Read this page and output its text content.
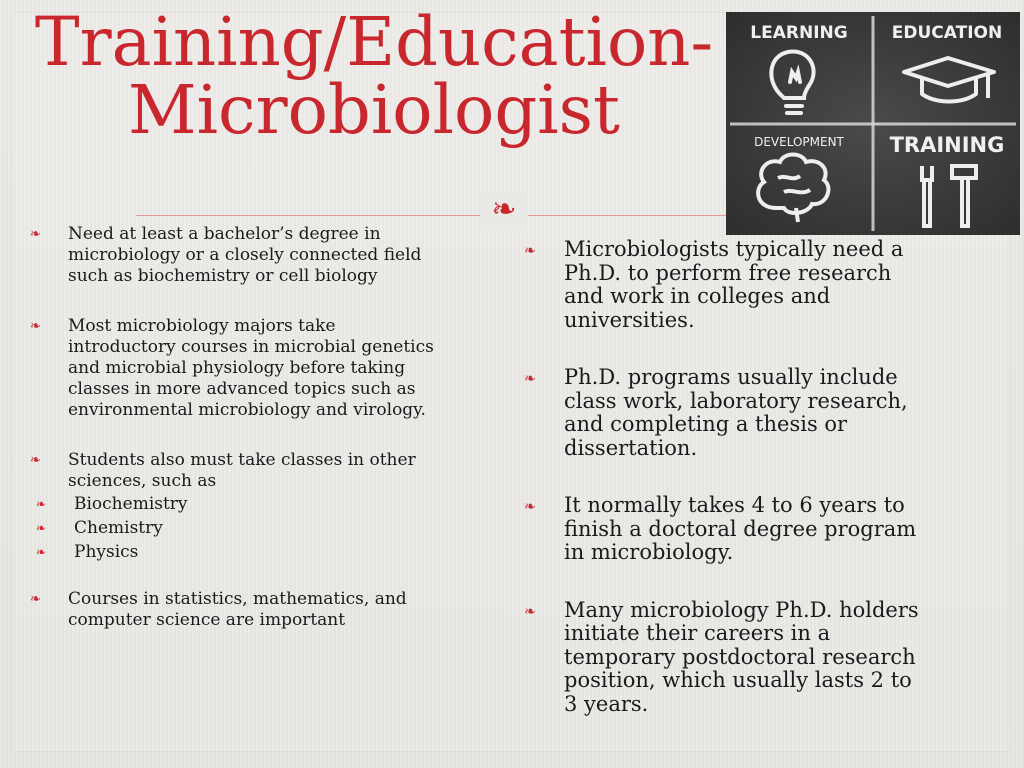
Training/Education-
Microbiologist
❧
LEARNING	EDUCATION
DEVELOPMENT TRAINING
❧ Need at least a bachelor’s degree in microbiology or a closely connected field such as biochemistry or cell biology
❧ Most microbiology majors take introductory courses in microbial genetics and microbial physiology before taking classes in more advanced topics such as environmental microbiology and virology.
❧ Students also must take classes in other sciences, such as
❧ Biochemistry
❧ Chemistry
❧ Physics
❧ Courses in statistics, mathematics, and computer science are important
❧ Microbiologists typically need a Ph.D. to perform free research and work in colleges and universities.
❧ Ph.D. programs usually include class work, laboratory research, and completing a thesis or dissertation.
❧ It normally takes 4 to 6 years to finish a doctoral degree program in microbiology.
❧ Many microbiology Ph.D. holders initiate their careers in a temporary postdoctoral research position, which usually lasts 2 to 3 years.
